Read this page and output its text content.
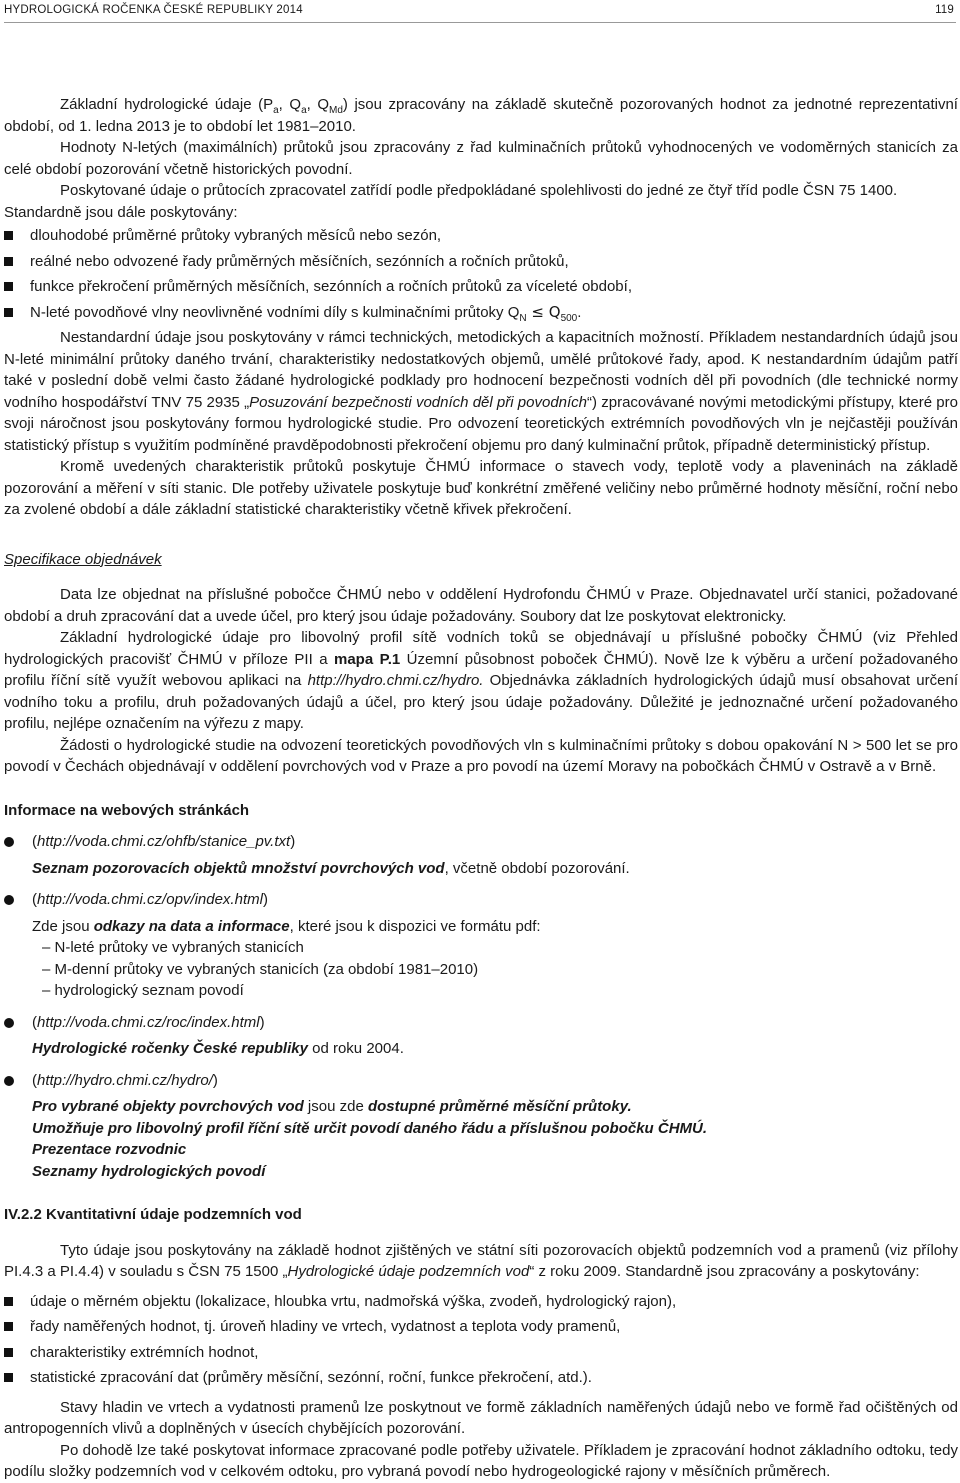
HYDROLOGICKÁ ROČENKA ČESKÉ REPUBLIKY 2014	119

Základní hydrologické údaje ($P_a$, $Q_a$, $Q_{Md}$) jsou zpracovány na základě skutečně pozorovaných hodnot za jednotné reprezentativní období, od 1. ledna 2013 je to období let 1981–2010.

Hodnoty N-letých (maximálních) průtoků jsou zpracovány z řad kulminačních průtoků vyhodnocených ve vodoměrných stanicích za celé období pozorování včetně historických povodní.

Poskytované údaje o průtocích zpracovatel zatřídí podle předpokládané spolehlivosti do jedné ze čtyř tříd podle ČSN 75 1400.

Standardně jsou dále poskytovány:

dlouhodobé průměrné průtoky vybraných měsíců nebo sezón,
reálné nebo odvozené řady průměrných měsíčních, sezónních a ročních průtoků,
funkce překročení průměrných měsíčních, sezónních a ročních průtoků za víceleté období,
N-leté povodňové vlny neovlivněné vodními díly s kulminačními průtoky $Q_N \le Q_{500}$.

Nestandardní údaje jsou poskytovány v rámci technických, metodických a kapacitních možností. Příkladem nestandardních údajů jsou N-leté minimální průtoky daného trvání, charakteristiky nedostatkových objemů, umělé průtokové řady, apod. K nestandardním údajům patří také v poslední době velmi často žádané hydrologické podklady pro hodnocení bezpečnosti vodních děl při povodních (dle technické normy vodního hospodářství TNV 75 2935 „Posuzování bezpečnosti vodních děl při povodních“) zpracovávané novými metodickými přístupy, které pro svoji náročnost jsou poskytovány formou hydrologické studie. Pro odvození teoretických extrémních povodňových vln je nejčastěji používán statistický přístup s využitím podmíněné pravděpodobnosti překročení objemu pro daný kulminační průtok, případně deterministický přístup.

Kromě uvedených charakteristik průtoků poskytuje ČHMÚ informace o stavech vody, teplotě vody a plaveninách na základě pozorování a měření v síti stanic. Dle potřeby uživatele poskytuje buď konkrétní změřené veličiny nebo průměrné hodnoty měsíční, roční nebo za zvolené období a dále základní statistické charakteristiky včetně křivek překročení.

Specifikace objednávek

Data lze objednat na příslušné pobočce ČHMÚ nebo v oddělení Hydrofondu ČHMÚ v Praze. Objednavatel určí stanici, požadované období a druh zpracování dat a uvede účel, pro který jsou údaje požadovány. Soubory dat lze poskytovat elektronicky.

Základní hydrologické údaje pro libovolný profil sítě vodních toků se objednávají u příslušné pobočky ČHMÚ (viz Přehled hydrologických pracovišť ČHMÚ v příloze PII a mapa P.1 Územní působnost poboček ČHMÚ). Nově lze k výběru a určení požadovaného profilu říční sítě využít webovou aplikaci na http://hydro.chmi.cz/hydro. Objednávka základních hydrologických údajů musí obsahovat určení vodního toku a profilu, druh požadovaných údajů a účel, pro který jsou údaje požadovány. Důležité je jednoznačné určení požadovaného profilu, nejlépe označením na výřezu z mapy.

Žádosti o hydrologické studie na odvození teoretických povodňových vln s kulminačními průtoky s dobou opakování N > 500 let se pro povodí v Čechách objednávají v oddělení povrchových vod v Praze a pro povodí na území Moravy na pobočkách ČHMÚ v Ostravě a v Brně.

Informace na webových stránkách

(http://voda.chmi.cz/ohfb/stanice_pv.txt)
Seznam pozorovacích objektů množství povrchových vod, včetně období pozorování.
(http://voda.chmi.cz/opv/index.html)
Zde jsou odkazy na data a informace, které jsou k dispozici ve formátu pdf:
– N-leté průtoky ve vybraných stanicích
– M-denní průtoky ve vybraných stanicích (za období 1981–2010)
– hydrologický seznam povodí
(http://voda.chmi.cz/roc/index.html)
Hydrologické ročenky České republiky od roku 2004.
(http://hydro.chmi.cz/hydro/)
Pro vybrané objekty povrchových vod jsou zde dostupné průměrné měsíční průtoky.
Umožňuje pro libovolný profil říční sítě určit povodí daného řádu a příslušnou pobočku ČHMÚ.
Prezentace rozvodnic
Seznamy hydrologických povodí

IV.2.2 Kvantitativní údaje podzemních vod

Tyto údaje jsou poskytovány na základě hodnot zjištěných ve státní síti pozorovacích objektů podzemních vod a pramenů (viz přílohy PI.4.3 a PI.4.4) v souladu s ČSN 75 1500 „Hydrologické údaje podzemních vod“ z roku 2009. Standardně jsou zpracovány a poskytovány:

údaje o měrném objektu (lokalizace, hloubka vrtu, nadmořská výška, zvodeň, hydrologický rajon),
řady naměřených hodnot, tj. úroveň hladiny ve vrtech, vydatnost a teplota vody pramenů,
charakteristiky extrémních hodnot,
statistické zpracování dat (průměry měsíční, sezónní, roční, funkce překročení, atd.).

Stavy hladin ve vrtech a vydatnosti pramenů lze poskytnout ve formě základních naměřených údajů nebo ve formě řad očištěných od antropogenních vlivů a doplněných v úsecích chybějících pozorování.

Po dohodě lze také poskytovat informace zpracované podle potřeby uživatele. Příkladem je zpracování hodnot základního odtoku, tedy podílu složky podzemních vod v celkovém odtoku, pro vybraná povodí nebo hydrogeologické rajony v měsíčních průměrech.
